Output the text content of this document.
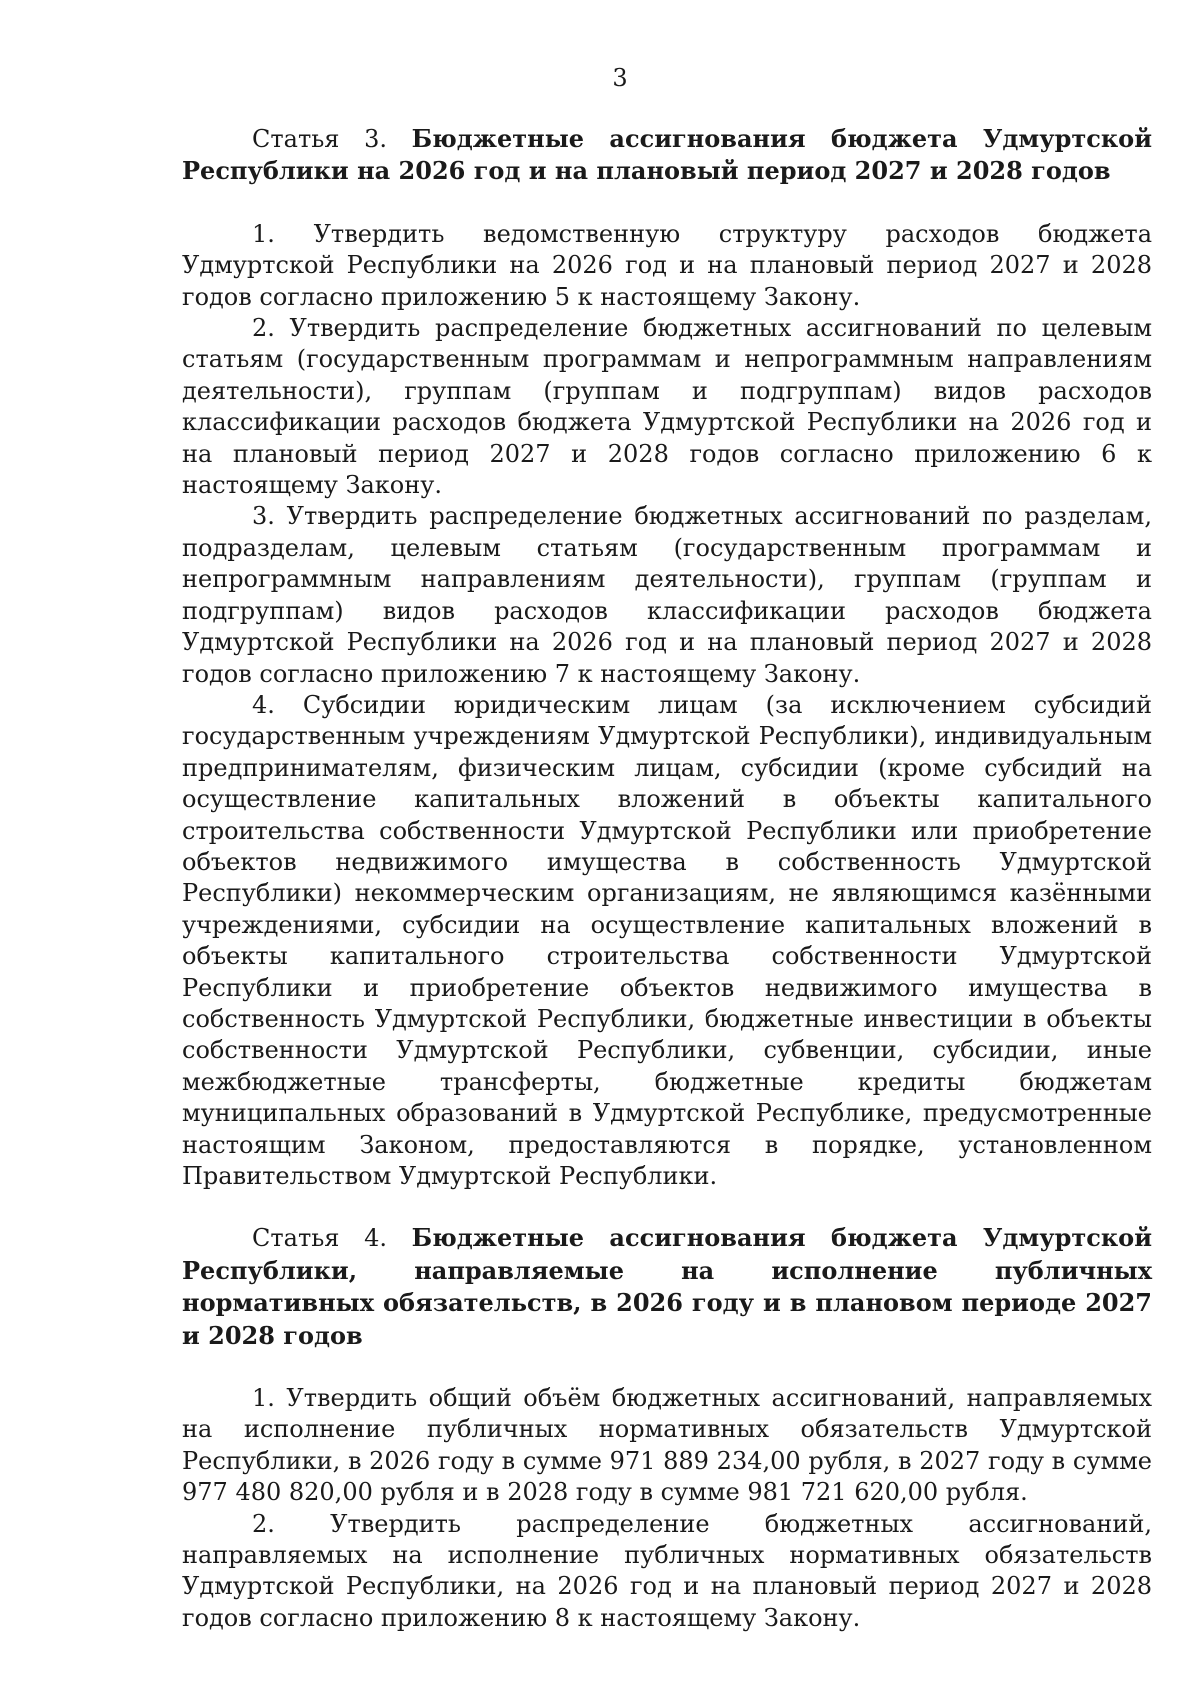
3

Статья 3. Бюджетные ассигнования бюджета Удмуртской Республики на 2026 год и на плановый период 2027 и 2028 годов

1. Утвердить ведомственную структуру расходов бюджета Удмуртской Республики на 2026 год и на плановый период 2027 и 2028 годов согласно приложению 5 к настоящему Закону.

2. Утвердить распределение бюджетных ассигнований по целевым статьям (государственным программам и непрограммным направлениям деятельности), группам (группам и подгруппам) видов расходов классификации расходов бюджета Удмуртской Республики на 2026 год и на плановый период 2027 и 2028 годов согласно приложению 6 к настоящему Закону.

3. Утвердить распределение бюджетных ассигнований по разделам, подразделам, целевым статьям (государственным программам и непрограммным направлениям деятельности), группам (группам и подгруппам) видов расходов классификации расходов бюджета Удмуртской Республики на 2026 год и на плановый период 2027 и 2028 годов согласно приложению 7 к настоящему Закону.

4. Субсидии юридическим лицам (за исключением субсидий государственным учреждениям Удмуртской Республики), индивидуальным предпринимателям, физическим лицам, субсидии (кроме субсидий на осуществление капитальных вложений в объекты капитального строительства собственности Удмуртской Республики или приобретение объектов недвижимого имущества в собственность Удмуртской Республики) некоммерческим организациям, не являющимся казёнными учреждениями, субсидии на осуществление капитальных вложений в объекты капитального строительства собственности Удмуртской Республики и приобретение объектов недвижимого имущества в собственность Удмуртской Республики, бюджетные инвестиции в объекты собственности Удмуртской Республики, субвенции, субсидии, иные межбюджетные трансферты, бюджетные кредиты бюджетам муниципальных образований в Удмуртской Республике, предусмотренные настоящим Законом, предоставляются в порядке, установленном Правительством Удмуртской Республики.

Статья 4. Бюджетные ассигнования бюджета Удмуртской Республики, направляемые на исполнение публичных нормативных обязательств, в 2026 году и в плановом периоде 2027 и 2028 годов

1. Утвердить общий объём бюджетных ассигнований, направляемых на исполнение публичных нормативных обязательств Удмуртской Республики, в 2026 году в сумме 971 889 234,00 рубля, в 2027 году в сумме 977 480 820,00 рубля и в 2028 году в сумме 981 721 620,00 рубля.

2. Утвердить распределение бюджетных ассигнований, направляемых на исполнение публичных нормативных обязательств Удмуртской Республики, на 2026 год и на плановый период 2027 и 2028 годов согласно приложению 8 к настоящему Закону.
